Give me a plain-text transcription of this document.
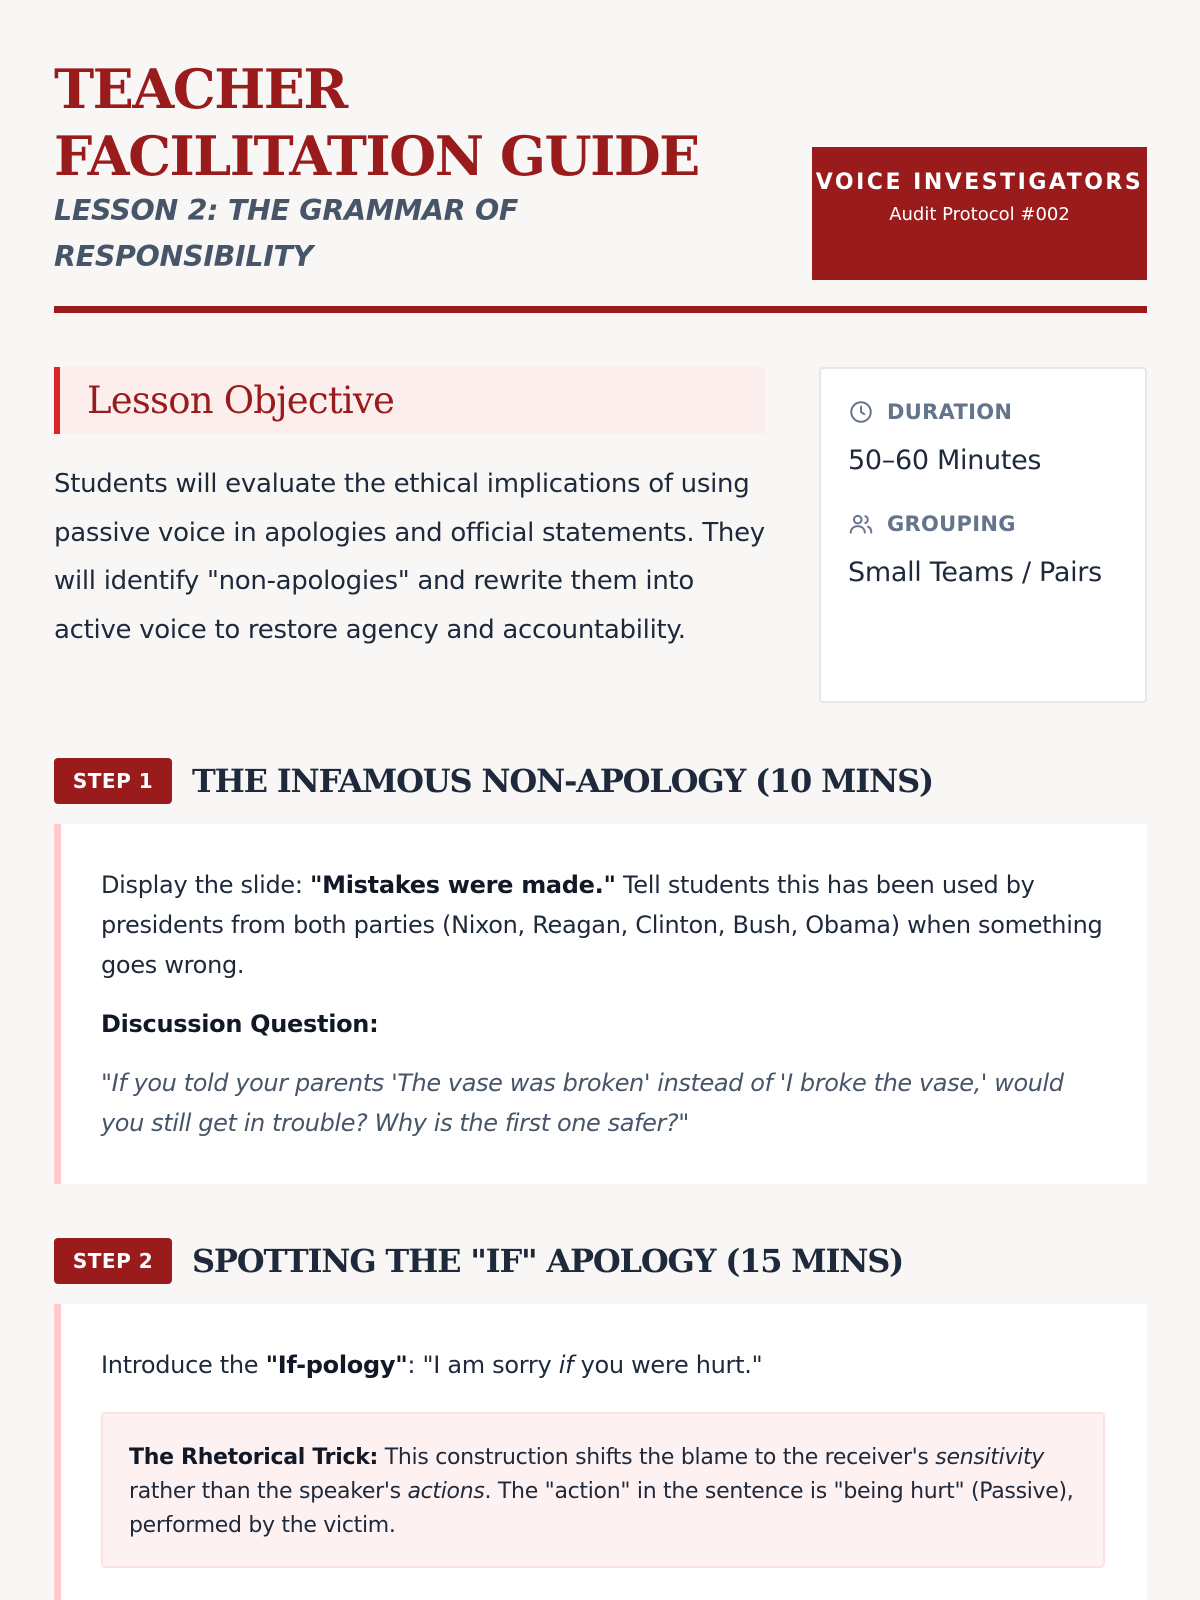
TEACHER FACILITATION GUIDE
LESSON 2: THE GRAMMAR OF RESPONSIBILITY
VOICE INVESTIGATORS
Audit Protocol #002
Lesson Objective

Students will evaluate the ethical implications of using passive voice in apologies and official statements. They will identify "non-apologies" and rewrite them into active voice to restore agency and accountability.

DURATION
50–60 Minutes
GROUPING
Small Teams / Pairs
STEP 1	THE INFAMOUS NON-APOLOGY (10 MINS)

Display the slide: "Mistakes were made." Tell students this has been used by presidents from both parties (Nixon, Reagan, Clinton, Bush, Obama) when something goes wrong.

Discussion Question:

"If you told your parents 'The vase was broken' instead of 'I broke the vase,' would you still get in trouble? Why is the first one safer?"

STEP 2	SPOTTING THE "IF" APOLOGY (15 MINS)

Introduce the "If-pology": "I am sorry if you were hurt."

The Rhetorical Trick: This construction shifts the blame to the receiver's sensitivity rather than the speaker's actions. The "action" in the sentence is "being hurt" (Passive), performed by the victim.
